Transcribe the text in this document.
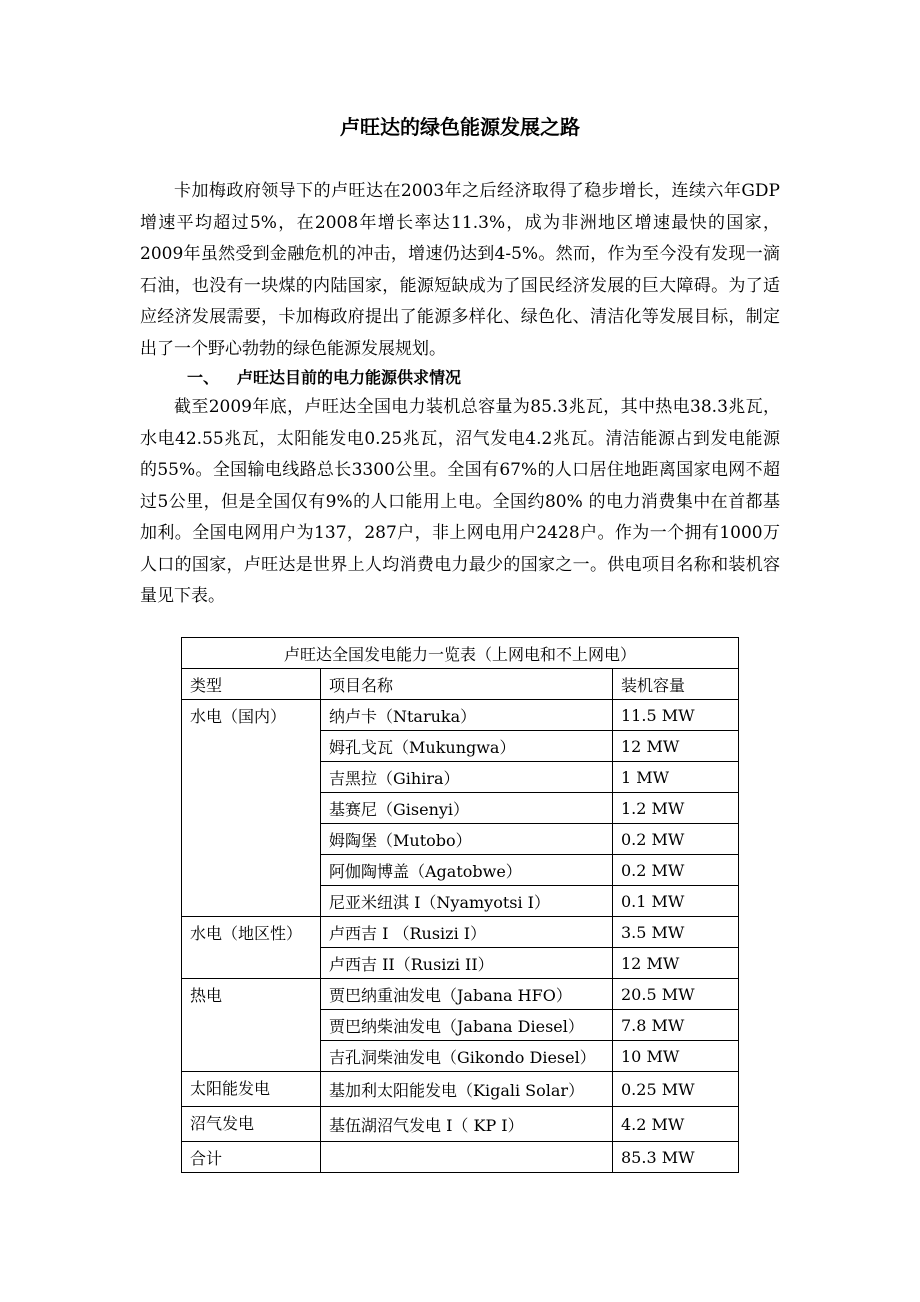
卢旺达的绿色能源发展之路

卡加梅政府领导下的卢旺达在2003年之后经济取得了稳步增长，连续六年GDP增速平均超过5%，在2008年增长率达11.3%，成为非洲地区增速最快的国家，2009年虽然受到金融危机的冲击，增速仍达到4-5%。然而，作为至今没有发现一滴石油，也没有一块煤的内陆国家，能源短缺成为了国民经济发展的巨大障碍。为了适应经济发展需要，卡加梅政府提出了能源多样化、绿色化、清洁化等发展目标，制定出了一个野心勃勃的绿色能源发展规划。

一、 卢旺达目前的电力能源供求情况

截至2009年底，卢旺达全国电力装机总容量为85.3兆瓦，其中热电38.3兆瓦，水电42.55兆瓦，太阳能发电0.25兆瓦，沼气发电4.2兆瓦。清洁能源占到发电能源的55%。全国输电线路总长3300公里。全国有67%的人口居住地距离国家电网不超过5公里，但是全国仅有9%的人口能用上电。全国约80% 的电力消费集中在首都基加利。全国电网用户为137，287户，非上网电用户2428户。作为一个拥有1000万人口的国家，卢旺达是世界上人均消费电力最少的国家之一。供电项目名称和装机容量见下表。

卢旺达全国发电能力一览表（上网电和不上网电）		
类型	项目名称	装机容量
水电（国内）	纳卢卡（Ntaruka）	11.5 MW
	姆孔戈瓦（Mukungwa）	12 MW
	吉黑拉（Gihira）	1 MW
	基赛尼（Gisenyi）	1.2 MW
	姆陶堡（Mutobo）	0.2 MW
	阿伽陶博盖（Agatobwe）	0.2 MW
	尼亚米纽淇 I（Nyamyotsi I）	0.1 MW
水电（地区性）	卢西吉 I （Rusizi I）	3.5 MW
	卢西吉 II（Rusizi II）	12 MW
热电	贾巴纳重油发电（Jabana HFO）	20.5 MW
	贾巴纳柴油发电（Jabana Diesel）	7.8 MW
	吉孔洞柴油发电（Gikondo Diesel）	10 MW
太阳能发电	基加利太阳能发电（Kigali Solar）	0.25 MW
沼气发电	基伍湖沼气发电 I（ KP I）	4.2 MW
合计		85.3 MW
